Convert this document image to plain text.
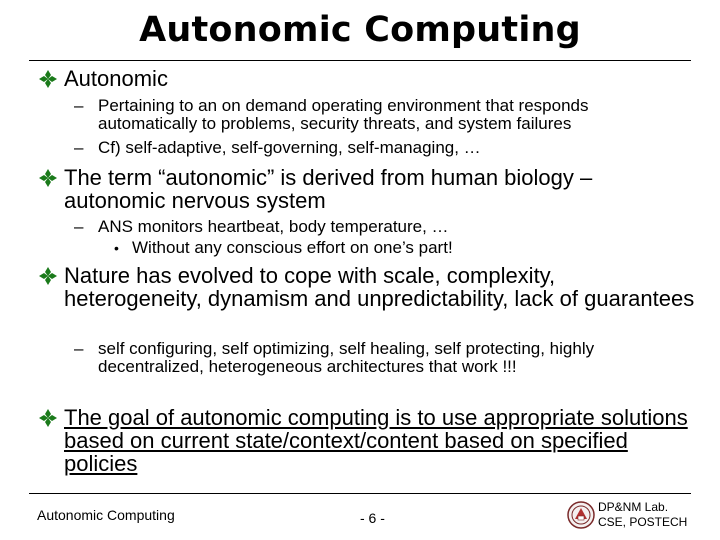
Autonomic Computing
Autonomic
– Pertaining to an on demand operating environment that responds automatically to problems, security threats, and system failures
– Cf) self-adaptive, self-governing, self-managing, …
The term “autonomic” is derived from human biology – autonomic nervous system
– ANS monitors heartbeat, body temperature, …
• Without any conscious effort on one’s part!
Nature has evolved to cope with scale, complexity, heterogeneity, dynamism and unpredictability, lack of guarantees
– self configuring, self optimizing, self healing, self protecting, highly decentralized, heterogeneous architectures that work !!!
The goal of autonomic computing is to use appropriate solutions based on current state/context/content based on specified policies
Autonomic Computing	- 6 -
DP&NM Lab.
CSE, POSTECH
